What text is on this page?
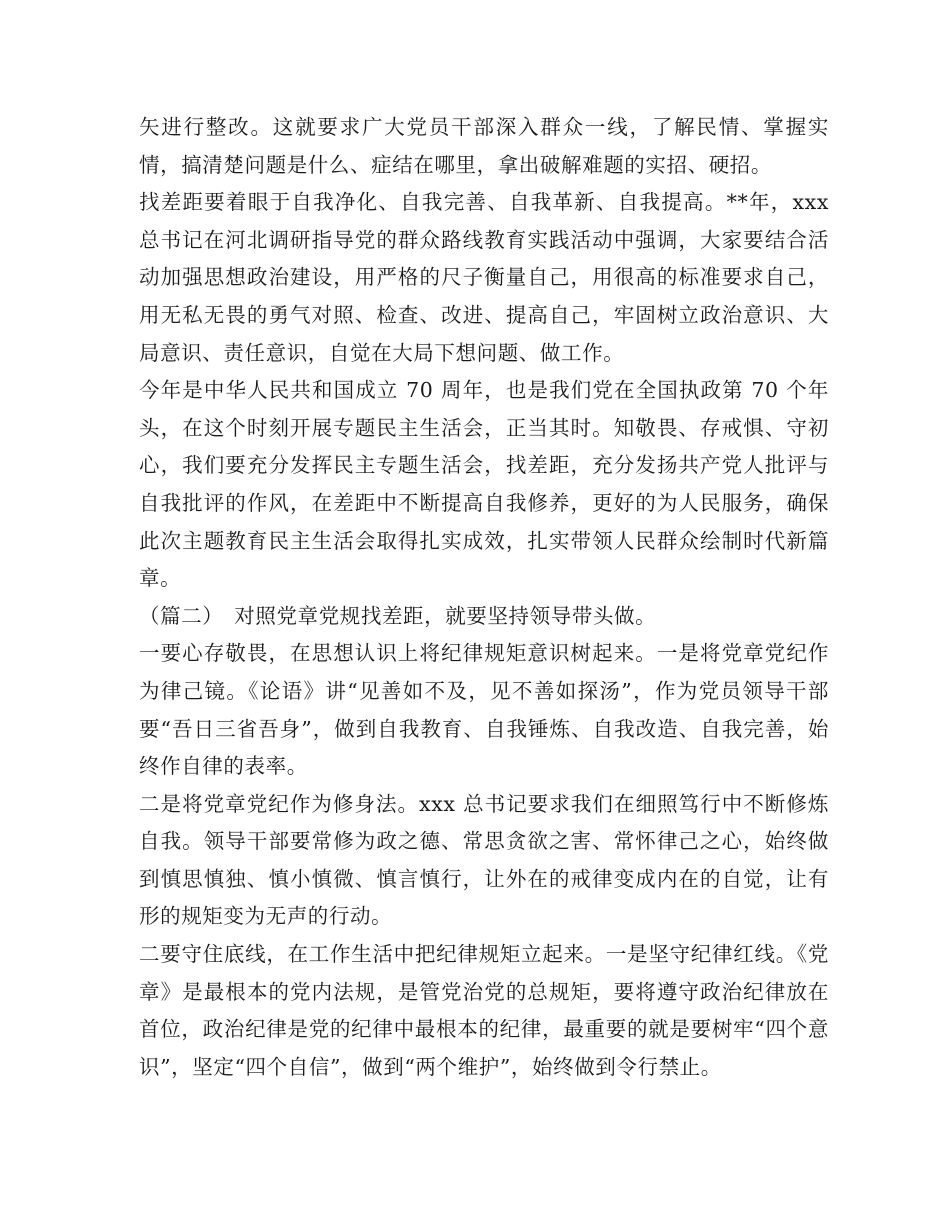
矢进行整改。这就要求广大党员干部深入群众一线，了解民情、掌握实情，搞清楚问题是什么、症结在哪里，拿出破解难题的实招、硬招。

找差距要着眼于自我净化、自我完善、自我革新、自我提高。**年，xxx 总书记在河北调研指导党的群众路线教育实践活动中强调，大家要结合活动加强思想政治建设，用严格的尺子衡量自己，用很高的标准要求自己，用无私无畏的勇气对照、检查、改进、提高自己，牢固树立政治意识、大局意识、责任意识，自觉在大局下想问题、做工作。

今年是中华人民共和国成立 70 周年，也是我们党在全国执政第 70 个年头，在这个时刻开展专题民主生活会，正当其时。知敬畏、存戒惧、守初心，我们要充分发挥民主专题生活会，找差距，充分发扬共产党人批评与自我批评的作风，在差距中不断提高自我修养，更好的为人民服务，确保此次主题教育民主生活会取得扎实成效，扎实带领人民群众绘制时代新篇章。

（篇二）　对照党章党规找差距，就要坚持领导带头做。

一要心存敬畏，在思想认识上将纪律规矩意识树起来。一是将党章党纪作为律己镜。《论语》讲“见善如不及，见不善如探汤”，作为党员领导干部要“吾日三省吾身”，做到自我教育、自我锤炼、自我改造、自我完善，始终作自律的表率。

二是将党章党纪作为修身法。xxx 总书记要求我们在细照笃行中不断修炼自我。领导干部要常修为政之德、常思贪欲之害、常怀律己之心，始终做到慎思慎独、慎小慎微、慎言慎行，让外在的戒律变成内在的自觉，让有形的规矩变为无声的行动。

二要守住底线，在工作生活中把纪律规矩立起来。一是坚守纪律红线。《党章》是最根本的党内法规，是管党治党的总规矩，要将遵守政治纪律放在首位，政治纪律是党的纪律中最根本的纪律，最重要的就是要树牢“四个意识”，坚定“四个自信”，做到“两个维护”，始终做到令行禁止。
